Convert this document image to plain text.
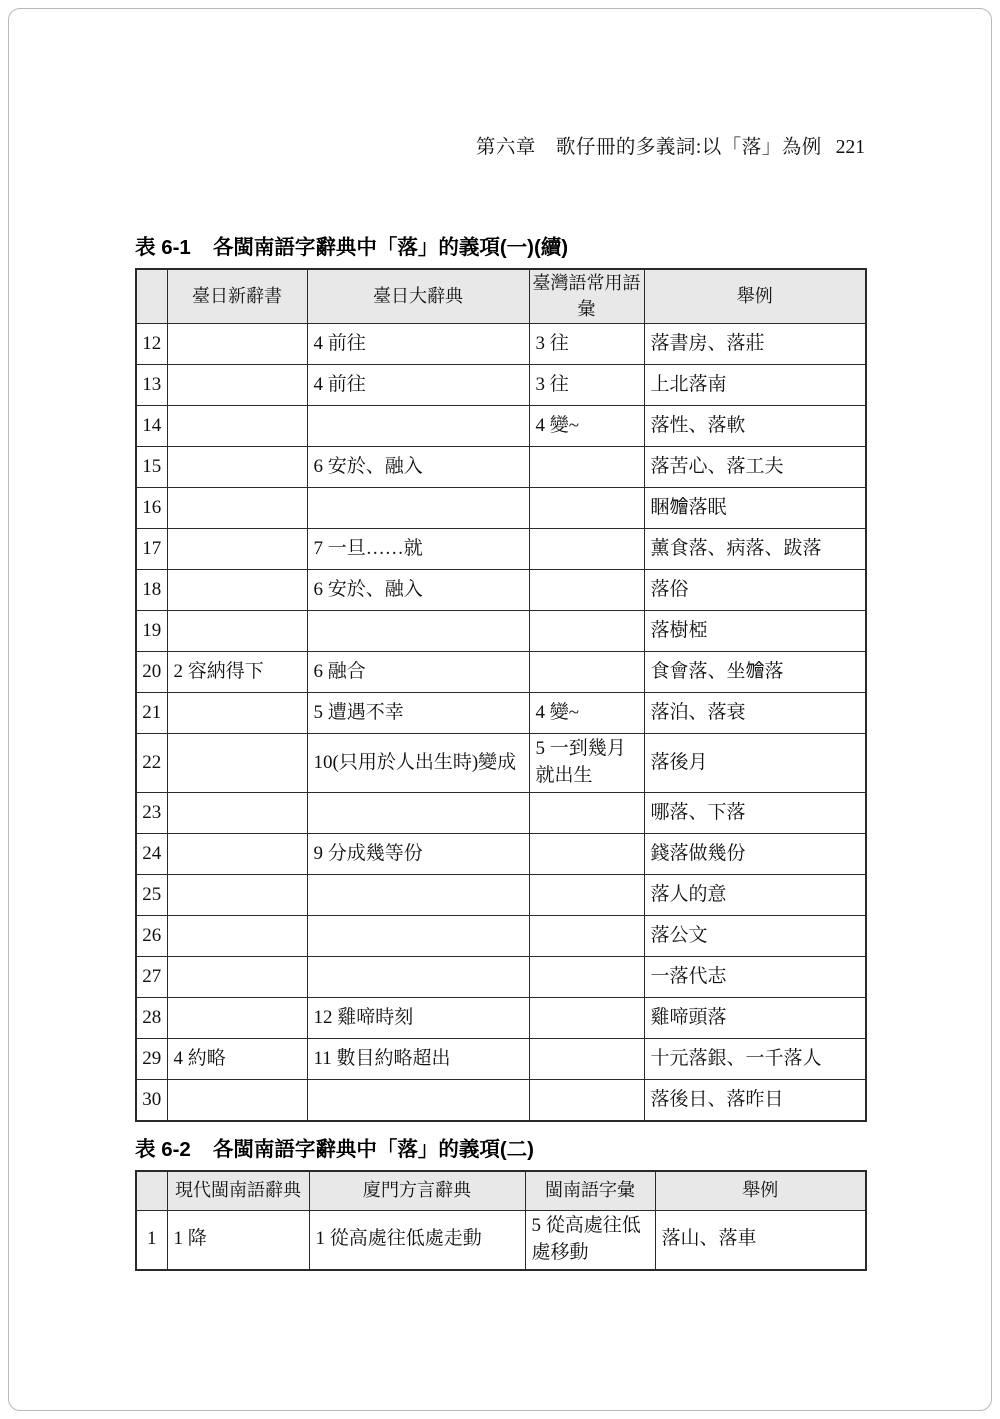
第六章　歌仔冊的多義詞:以「落」為例 221
表 6-1 各閩南語字辭典中「落」的義項(一)(續)
	臺日新辭書	臺日大辭典	臺灣語常用語彙	舉例
12		4 前往	3 往	落書房、落莊
13		4 前往	3 往	上北落南
14			4 變~	落性、落軟
15		6 安於、融入		落苦心、落工夫
16				睏𣍐落眠
17		7 一旦……就		薰食落、病落、跋落
18		6 安於、融入		落俗
19				落樹椏
20	2 容納得下	6 融合		食會落、坐𣍐落
21		5 遭遇不幸	4 變~	落泊、落衰
22		10(只用於人出生時)變成	5 一到幾月就出生	落後月
23				哪落、下落
24		9 分成幾等份		錢落做幾份
25				落人的意
26				落公文
27				一落代志
28		12 雞啼時刻		雞啼頭落
29	4 約略	11 數目約略超出		十元落銀、一千落人
30				落後日、落昨日
表 6-2 各閩南語字辭典中「落」的義項(二)
	現代閩南語辭典	廈門方言辭典	閩南語字彙	舉例
1	1 降	1 從高處往低處走動	5 從高處往低處移動	落山、落車
